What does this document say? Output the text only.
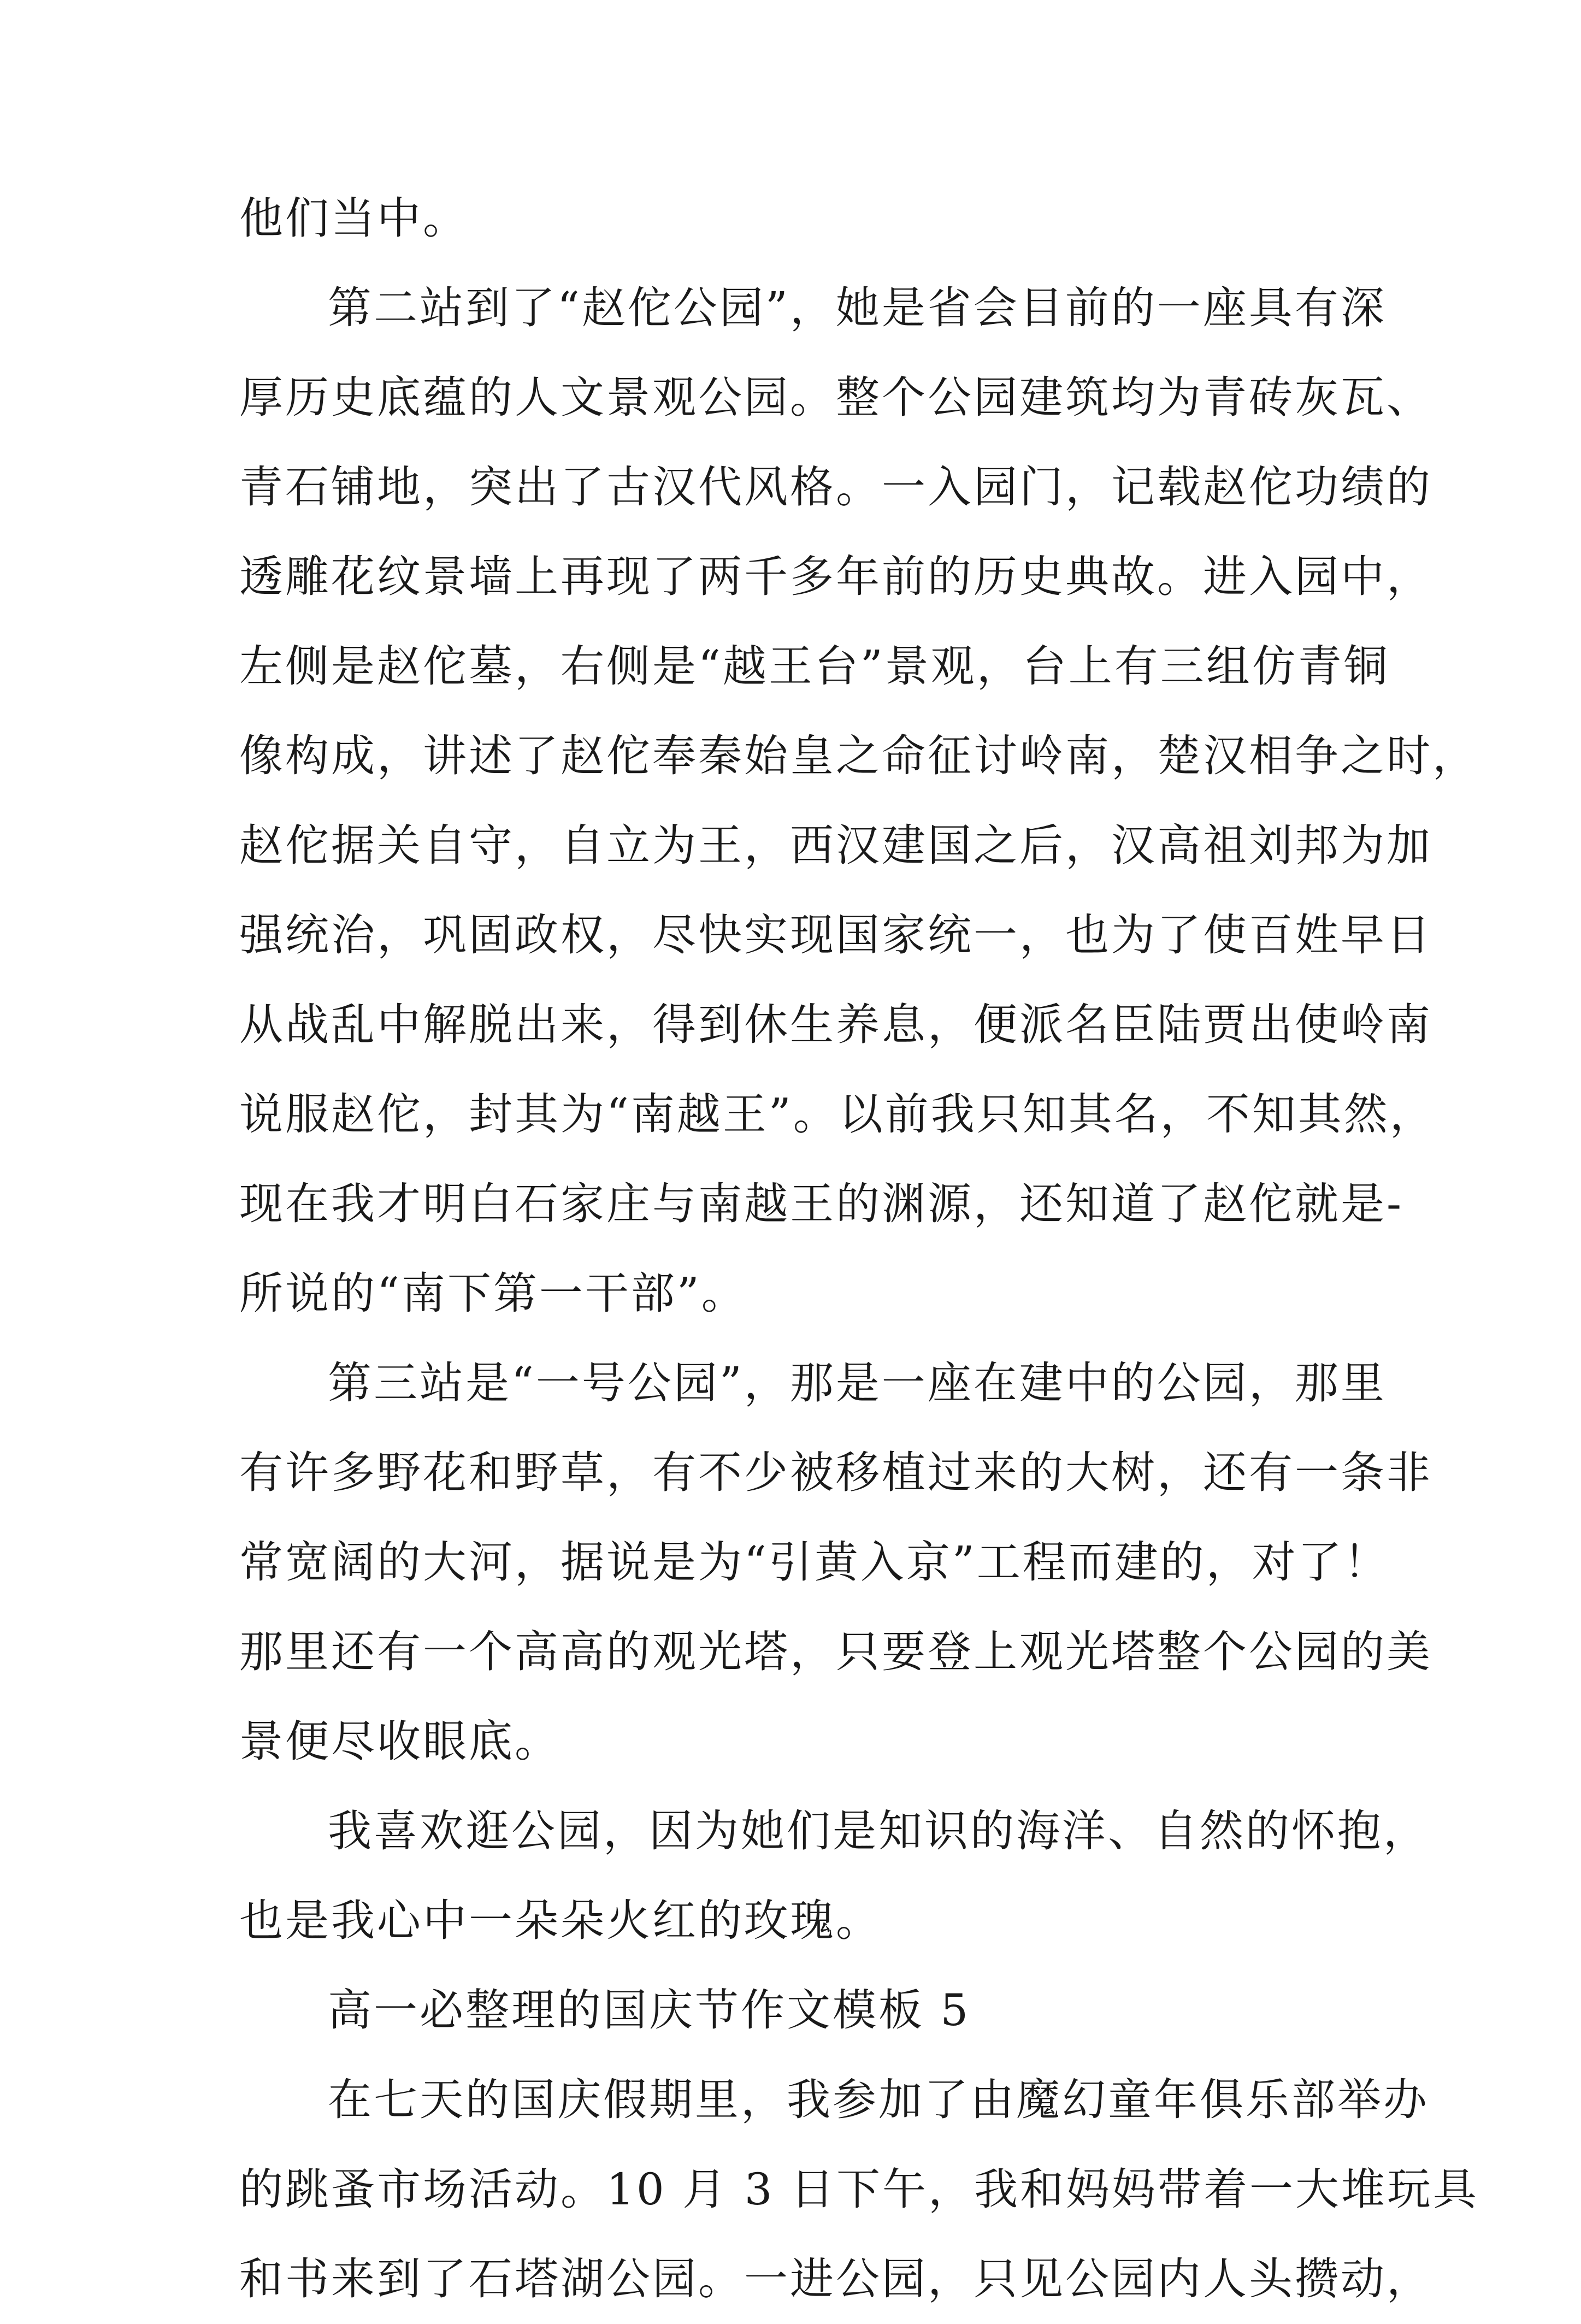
他们当中。
第二站到了“赵佗公园”，她是省会目前的一座具有深
厚历史底蕴的人文景观公园。整个公园建筑均为青砖灰瓦、
青石铺地，突出了古汉代风格。一入园门，记载赵佗功绩的
透雕花纹景墙上再现了两千多年前的历史典故。进入园中，
左侧是赵佗墓，右侧是“越王台”景观，台上有三组仿青铜
像构成，讲述了赵佗奉秦始皇之命征讨岭南，楚汉相争之时，
赵佗据关自守，自立为王，西汉建国之后，汉高祖刘邦为加
强统治，巩固政权，尽快实现国家统一，也为了使百姓早日
从战乱中解脱出来，得到休生养息，便派名臣陆贾出使岭南
说服赵佗，封其为“南越王”。以前我只知其名，不知其然，
现在我才明白石家庄与南越王的渊源，还知道了赵佗就是-
所说的“南下第一干部”。
第三站是“一号公园”，那是一座在建中的公园，那里
有许多野花和野草，有不少被移植过来的大树，还有一条非
常宽阔的大河，据说是为“引黄入京”工程而建的，对了！
那里还有一个高高的观光塔，只要登上观光塔整个公园的美
景便尽收眼底。
我喜欢逛公园，因为她们是知识的海洋、自然的怀抱，
也是我心中一朵朵火红的玫瑰。
高一必整理的国庆节作文模板 5
在七天的国庆假期里，我参加了由魔幻童年俱乐部举办
的跳蚤市场活动。10 月 3 日下午，我和妈妈带着一大堆玩具
和书来到了石塔湖公园。一进公园，只见公园内人头攒动，
